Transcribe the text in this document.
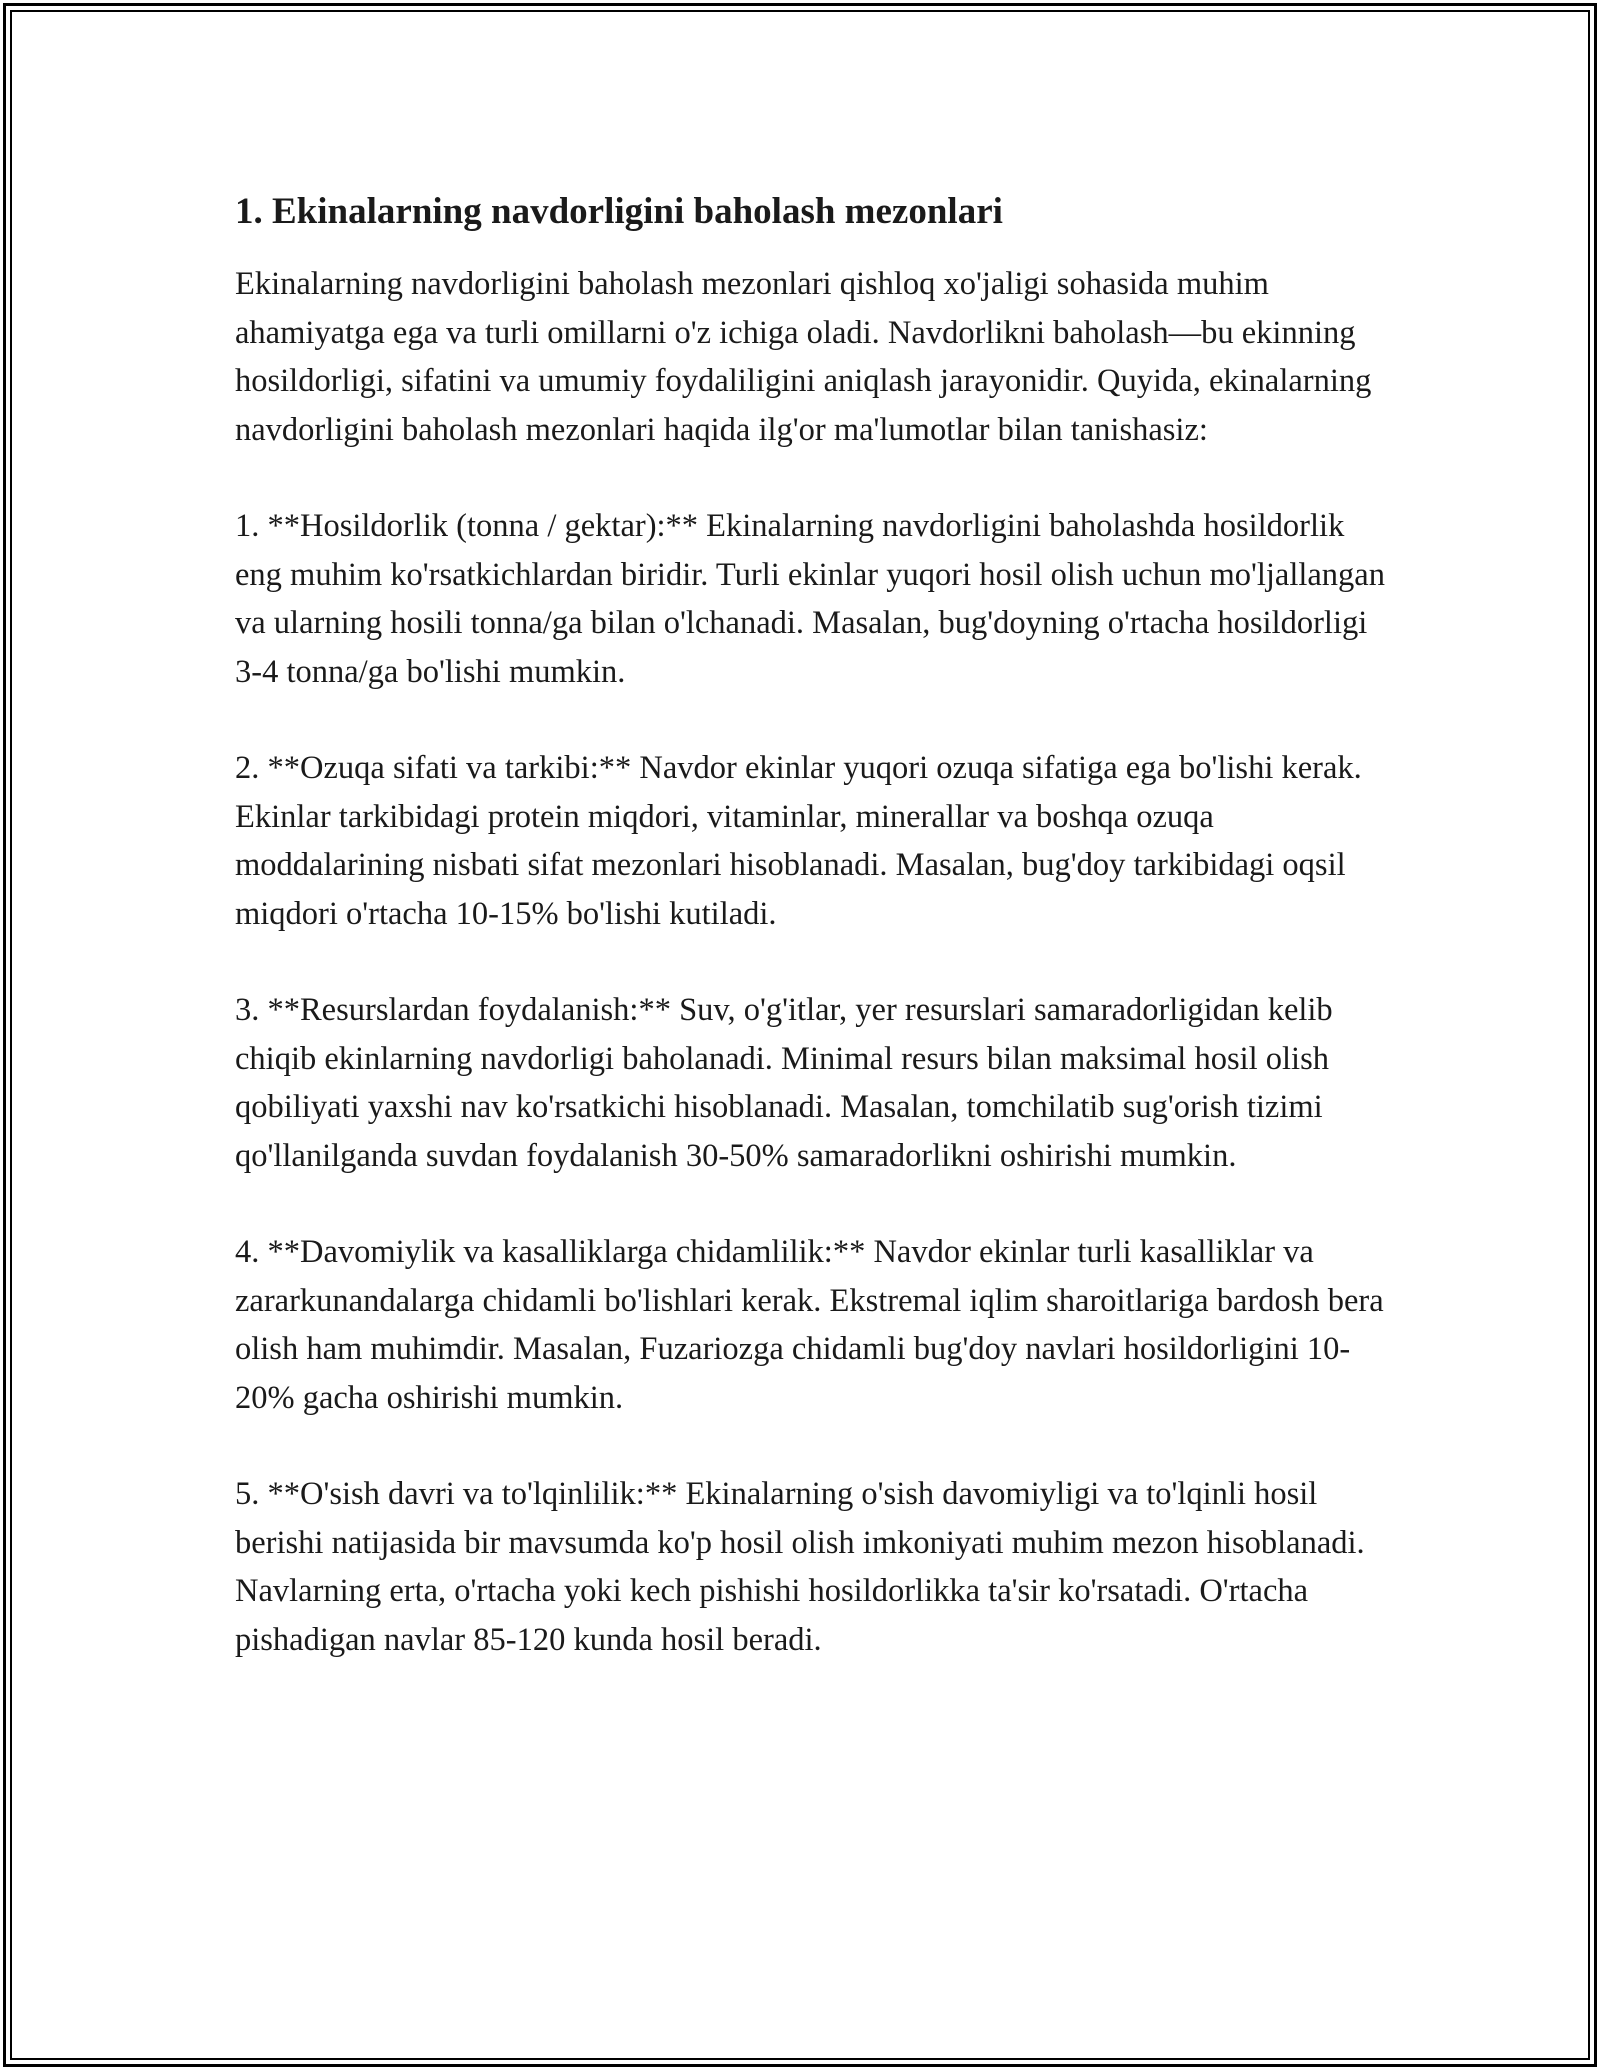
1. Ekinalarning navdorligini baholash mezonlari

Ekinalarning navdorligini baholash mezonlari qishloq xo'jaligi sohasida muhim ahamiyatga ega va turli omillarni o'z ichiga oladi. Navdorlikni baholash—bu ekinning hosildorligi, sifatini va umumiy foydaliligini aniqlash jarayonidir. Quyida, ekinalarning navdorligini baholash mezonlari haqida ilg'or ma'lumotlar bilan tanishasiz:

1. **Hosildorlik (tonna / gektar):** Ekinalarning navdorligini baholashda hosildorlik eng muhim ko'rsatkichlardan biridir. Turli ekinlar yuqori hosil olish uchun mo'ljallangan va ularning hosili tonna/ga bilan o'lchanadi. Masalan, bug'doyning o'rtacha hosildorligi 3-4 tonna/ga bo'lishi mumkin.

2. **Ozuqa sifati va tarkibi:** Navdor ekinlar yuqori ozuqa sifatiga ega bo'lishi kerak. Ekinlar tarkibidagi protein miqdori, vitaminlar, minerallar va boshqa ozuqa moddalarining nisbati sifat mezonlari hisoblanadi. Masalan, bug'doy tarkibidagi oqsil miqdori o'rtacha 10-15% bo'lishi kutiladi.

3. **Resurslardan foydalanish:** Suv, o'g'itlar, yer resurslari samaradorligidan kelib chiqib ekinlarning navdorligi baholanadi. Minimal resurs bilan maksimal hosil olish qobiliyati yaxshi nav ko'rsatkichi hisoblanadi. Masalan, tomchilatib sug'orish tizimi qo'llanilganda suvdan foydalanish 30-50% samaradorlikni oshirishi mumkin.

4. **Davomiylik va kasalliklarga chidamlilik:** Navdor ekinlar turli kasalliklar va zararkunandalarga chidamli bo'lishlari kerak. Ekstremal iqlim sharoitlariga bardosh bera olish ham muhimdir. Masalan, Fuzariozga chidamli bug'doy navlari hosildorligini 10-20% gacha oshirishi mumkin.

5. **O'sish davri va to'lqinlilik:** Ekinalarning o'sish davomiyligi va to'lqinli hosil berishi natijasida bir mavsumda ko'p hosil olish imkoniyati muhim mezon hisoblanadi. Navlarning erta, o'rtacha yoki kech pishishi hosildorlikka ta'sir ko'rsatadi. O'rtacha pishadigan navlar 85-120 kunda hosil beradi.
